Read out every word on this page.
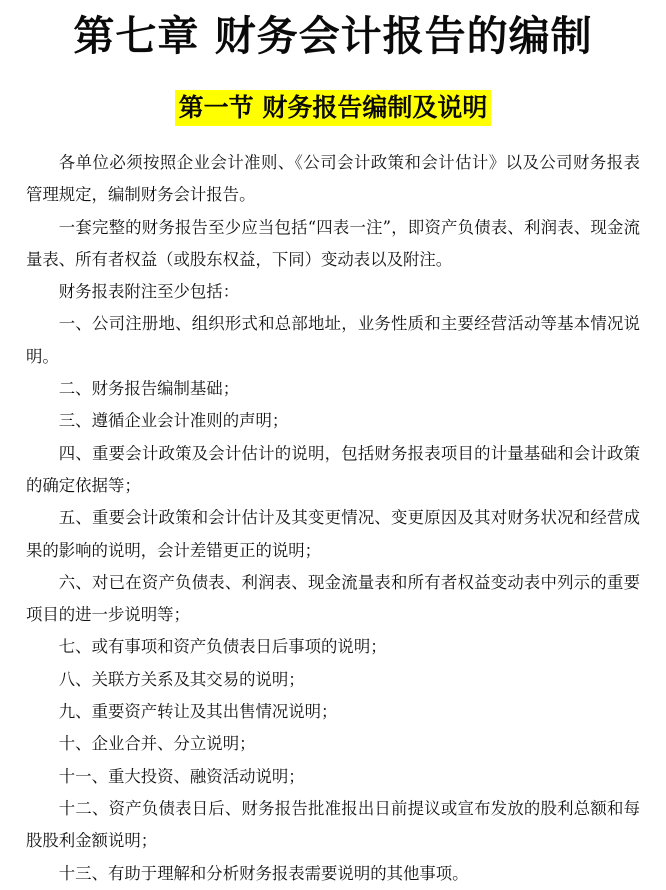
第七章 财务会计报告的编制
第一节 财务报告编制及说明

各单位必须按照企业会计准则、《公司会计政策和会计估计》以及公司财务报表管理规定，编制财务会计报告。

一套完整的财务报告至少应当包括“四表一注”，即资产负债表、利润表、现金流量表、所有者权益（或股东权益，下同）变动表以及附注。

财务报表附注至少包括：

一、公司注册地、组织形式和总部地址，业务性质和主要经营活动等基本情况说明。

二、财务报告编制基础；

三、遵循企业会计准则的声明；

四、重要会计政策及会计估计的说明，包括财务报表项目的计量基础和会计政策的确定依据等；

五、重要会计政策和会计估计及其变更情况、变更原因及其对财务状况和经营成果的影响的说明，会计差错更正的说明；

六、对已在资产负债表、利润表、现金流量表和所有者权益变动表中列示的重要项目的进一步说明等；

七、或有事项和资产负债表日后事项的说明；

八、关联方关系及其交易的说明；

九、重要资产转让及其出售情况说明；

十、企业合并、分立说明；

十一、重大投资、融资活动说明；

十二、资产负债表日后、财务报告批准报出日前提议或宣布发放的股利总额和每股股利金额说明；

十三、有助于理解和分析财务报表需要说明的其他事项。
